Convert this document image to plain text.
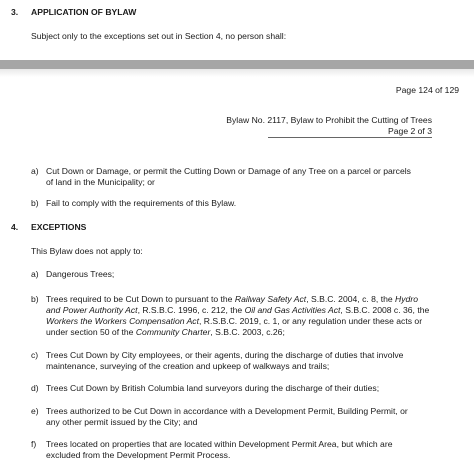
3. APPLICATION OF BYLAW
Subject only to the exceptions set out in Section 4, no person shall:
Page 124 of 129
Bylaw No. 2117, Bylaw to Prohibit the Cutting of Trees
Page 2 of 3
a) Cut Down or Damage, or permit the Cutting Down or Damage of any Tree on a parcel or parcels
of land in the Municipality; or
b) Fail to comply with the requirements of this Bylaw.
4. EXCEPTIONS
This Bylaw does not apply to:
a) Dangerous Trees;
b) Trees required to be Cut Down to pursuant to the Railway Safety Act, S.B.C. 2004, c. 8, the Hydro
and Power Authority Act, R.S.B.C. 1996, c. 212, the Oil and Gas Activities Act, S.B.C. 2008 c. 36, the
Workers the Workers Compensation Act, R.S.B.C. 2019, c. 1, or any regulation under these acts or
under section 50 of the Community Charter, S.B.C. 2003, c.26;
c) Trees Cut Down by City employees, or their agents, during the discharge of duties that involve
maintenance, surveying of the creation and upkeep of walkways and trails;
d) Trees Cut Down by British Columbia land surveyors during the discharge of their duties;
e) Trees authorized to be Cut Down in accordance with a Development Permit, Building Permit, or
any other permit issued by the City; and
f) Trees located on properties that are located within Development Permit Area, but which are
excluded from the Development Permit Process.
